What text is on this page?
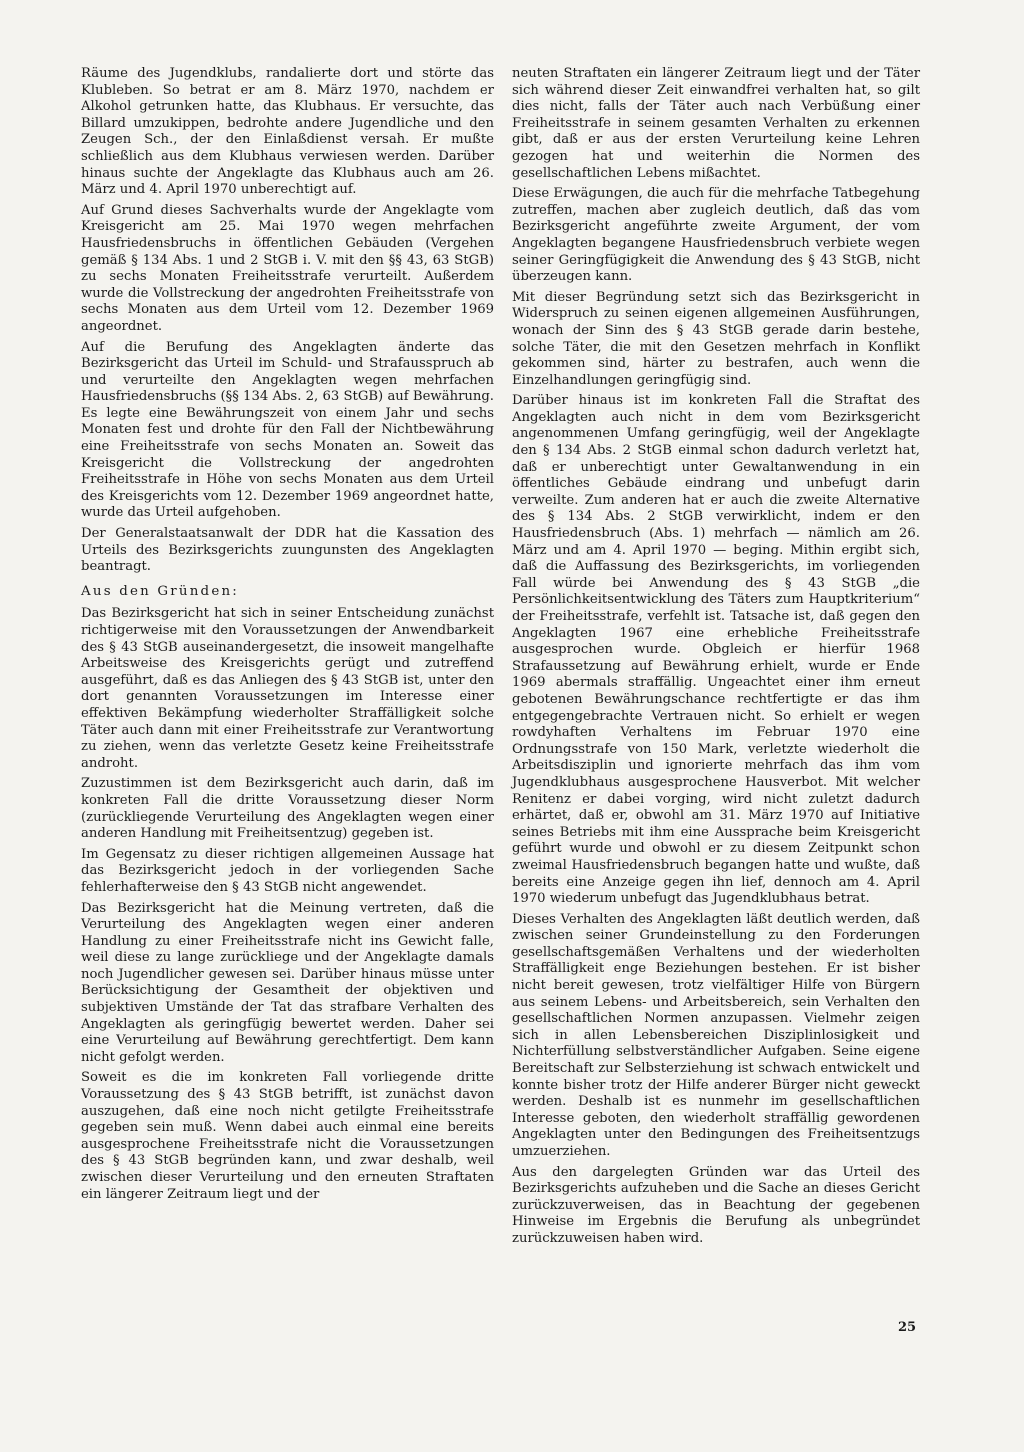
Räume des Jugendklubs, randalierte dort und störte das Klubleben. So betrat er am 8. März 1970, nachdem er Alkohol getrunken hatte, das Klubhaus. Er versuchte, das Billard umzukippen, bedrohte andere Jugendliche und den Zeugen Sch., der den Einlaßdienst versah. Er mußte schließlich aus dem Klubhaus verwiesen werden. Darüber hinaus suchte der Angeklagte das Klubhaus auch am 26. März und 4. April 1970 unberechtigt auf.

Auf Grund dieses Sachverhalts wurde der Angeklagte vom Kreisgericht am 25. Mai 1970 wegen mehrfachen Hausfriedensbruchs in öffentlichen Gebäuden (Vergehen gemäß § 134 Abs. 1 und 2 StGB i. V. mit den §§ 43, 63 StGB) zu sechs Monaten Freiheitsstrafe verurteilt. Außerdem wurde die Vollstreckung der angedrohten Freiheitsstrafe von sechs Monaten aus dem Urteil vom 12. Dezember 1969 angeordnet.

Auf die Berufung des Angeklagten änderte das Bezirksgericht das Urteil im Schuld- und Strafausspruch ab und verurteilte den Angeklagten wegen mehrfachen Hausfriedensbruchs (§§ 134 Abs. 2, 63 StGB) auf Bewährung. Es legte eine Bewährungszeit von einem Jahr und sechs Monaten fest und drohte für den Fall der Nichtbewährung eine Freiheitsstrafe von sechs Monaten an. Soweit das Kreisgericht die Vollstreckung der angedrohten Freiheitsstrafe in Höhe von sechs Monaten aus dem Urteil des Kreisgerichts vom 12. Dezember 1969 angeordnet hatte, wurde das Urteil aufgehoben.

Der Generalstaatsanwalt der DDR hat die Kassation des Urteils des Bezirksgerichts zuungunsten des Angeklagten beantragt.

Aus den Gründen:

Das Bezirksgericht hat sich in seiner Entscheidung zunächst richtigerweise mit den Voraussetzungen der Anwendbarkeit des § 43 StGB auseinandergesetzt, die insoweit mangelhafte Arbeitsweise des Kreisgerichts gerügt und zutreffend ausgeführt, daß es das Anliegen des § 43 StGB ist, unter den dort genannten Voraussetzungen im Interesse einer effektiven Bekämpfung wiederholter Straffälligkeit solche Täter auch dann mit einer Freiheitsstrafe zur Verantwortung zu ziehen, wenn das verletzte Gesetz keine Freiheitsstrafe androht.

Zuzustimmen ist dem Bezirksgericht auch darin, daß im konkreten Fall die dritte Voraussetzung dieser Norm (zurückliegende Verurteilung des Angeklagten wegen einer anderen Handlung mit Freiheitsentzug) gegeben ist.

Im Gegensatz zu dieser richtigen allgemeinen Aussage hat das Bezirksgericht jedoch in der vorliegenden Sache fehlerhafterweise den § 43 StGB nicht angewendet.

Das Bezirksgericht hat die Meinung vertreten, daß die Verurteilung des Angeklagten wegen einer anderen Handlung zu einer Freiheitsstrafe nicht ins Gewicht falle, weil diese zu lange zurückliege und der Angeklagte damals noch Jugendlicher gewesen sei. Darüber hinaus müsse unter Berücksichtigung der Gesamtheit der objektiven und subjektiven Umstände der Tat das strafbare Verhalten des Angeklagten als geringfügig bewertet werden. Daher sei eine Verurteilung auf Bewährung gerechtfertigt. Dem kann nicht gefolgt werden.

Soweit es die im konkreten Fall vorliegende dritte Voraussetzung des § 43 StGB betrifft, ist zunächst davon auszugehen, daß eine noch nicht getilgte Freiheitsstrafe gegeben sein muß. Wenn dabei auch einmal eine bereits ausgesprochene Freiheitsstrafe nicht die Voraussetzungen des § 43 StGB begründen kann, und zwar deshalb, weil zwischen dieser Verurteilung und den erneuten Straftaten ein längerer Zeitraum liegt und der

neuten Straftaten ein längerer Zeitraum liegt und der Täter sich während dieser Zeit einwandfrei verhalten hat, so gilt dies nicht, falls der Täter auch nach Verbüßung einer Freiheitsstrafe in seinem gesamten Verhalten zu erkennen gibt, daß er aus der ersten Verurteilung keine Lehren gezogen hat und weiterhin die Normen des gesellschaftlichen Lebens mißachtet.

Diese Erwägungen, die auch für die mehrfache Tatbegehung zutreffen, machen aber zugleich deutlich, daß das vom Bezirksgericht angeführte zweite Argument, der vom Angeklagten begangene Hausfriedensbruch verbiete wegen seiner Geringfügigkeit die Anwendung des § 43 StGB, nicht überzeugen kann.

Mit dieser Begründung setzt sich das Bezirksgericht in Widerspruch zu seinen eigenen allgemeinen Ausführungen, wonach der Sinn des § 43 StGB gerade darin bestehe, solche Täter, die mit den Gesetzen mehrfach in Konflikt gekommen sind, härter zu bestrafen, auch wenn die Einzelhandlungen geringfügig sind.

Darüber hinaus ist im konkreten Fall die Straftat des Angeklagten auch nicht in dem vom Bezirksgericht angenommenen Umfang geringfügig, weil der Angeklagte den § 134 Abs. 2 StGB einmal schon dadurch verletzt hat, daß er unberechtigt unter Gewaltanwendung in ein öffentliches Gebäude eindrang und unbefugt darin verweilte. Zum anderen hat er auch die zweite Alternative des § 134 Abs. 2 StGB verwirklicht, indem er den Hausfriedensbruch (Abs. 1) mehrfach — nämlich am 26. März und am 4. April 1970 — beging. Mithin ergibt sich, daß die Auffassung des Bezirksgerichts, im vorliegenden Fall würde bei Anwendung des § 43 StGB „die Persönlichkeitsentwicklung des Täters zum Hauptkriterium“ der Freiheitsstrafe, verfehlt ist. Tatsache ist, daß gegen den Angeklagten 1967 eine erhebliche Freiheitsstrafe ausgesprochen wurde. Obgleich er hierfür 1968 Strafaussetzung auf Bewährung erhielt, wurde er Ende 1969 abermals straffällig. Ungeachtet einer ihm erneut gebotenen Bewährungschance rechtfertigte er das ihm entgegengebrachte Vertrauen nicht. So erhielt er wegen rowdyhaften Verhaltens im Februar 1970 eine Ordnungsstrafe von 150 Mark, verletzte wiederholt die Arbeitsdisziplin und ignorierte mehrfach das ihm vom Jugendklubhaus ausgesprochene Hausverbot. Mit welcher Renitenz er dabei vorging, wird nicht zuletzt dadurch erhärtet, daß er, obwohl am 31. März 1970 auf Initiative seines Betriebs mit ihm eine Aussprache beim Kreisgericht geführt wurde und obwohl er zu diesem Zeitpunkt schon zweimal Hausfriedensbruch begangen hatte und wußte, daß bereits eine Anzeige gegen ihn lief, dennoch am 4. April 1970 wiederum unbefugt das Jugendklubhaus betrat.

Dieses Verhalten des Angeklagten läßt deutlich werden, daß zwischen seiner Grundeinstellung zu den Forderungen gesellschaftsgemäßen Verhaltens und der wiederholten Straffälligkeit enge Beziehungen bestehen. Er ist bisher nicht bereit gewesen, trotz vielfältiger Hilfe von Bürgern aus seinem Lebens- und Arbeitsbereich, sein Verhalten den gesellschaftlichen Normen anzupassen. Vielmehr zeigen sich in allen Lebensbereichen Disziplinlosigkeit und Nichterfüllung selbstverständlicher Aufgaben. Seine eigene Bereitschaft zur Selbsterziehung ist schwach entwickelt und konnte bisher trotz der Hilfe anderer Bürger nicht geweckt werden. Deshalb ist es nunmehr im gesellschaftlichen Interesse geboten, den wiederholt straffällig gewordenen Angeklagten unter den Bedingungen des Freiheitsentzugs umzuerziehen.

Aus den dargelegten Gründen war das Urteil des Bezirksgerichts aufzuheben und die Sache an dieses Gericht zurückzuverweisen, das in Beachtung der gegebenen Hinweise im Ergebnis die Berufung als unbegründet zurückzuweisen haben wird.

25
